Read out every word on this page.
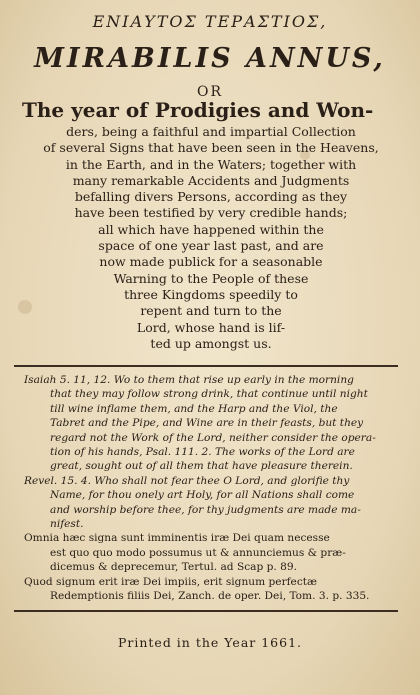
ΕΝΙΑΥΤΟΣ ΤΕΡΑΣΤΙΟΣ,
MIRABILIS ANNUS,
OR
The year of Prodigies and Won-
ders, being a faithful and impartial Collection
of several Signs that have been seen in the Heavens,
in the Earth, and in the Waters; together with
many remarkable Accidents and Judgments
befalling divers Persons, according as they
have been testified by very credible hands;
all which have happened within the
space of one year last past, and are
now made publick for a seasonable
Warning to the People of these
three Kingdoms speedily to
repent and turn to the
Lord, whose hand is lif-
ted up amongst us.
Isaiah 5. 11, 12. Wo to them that rise up early in the morning
that they may follow strong drink, that continue until night
till wine inflame them, and the Harp and the Viol, the
Tabret and the Pipe, and Wine are in their feasts, but they
regard not the Work of the Lord, neither consider the opera-
tion of his hands, Psal. 111. 2. The works of the Lord are
great, sought out of all them that have pleasure therein.
Revel. 15. 4. Who shall not fear thee O Lord, and glorifie thy
Name, for thou onely art Holy, for all Nations shall come
and worship before thee, for thy judgments are made ma-
nifest.
Omnia hæc signa sunt imminentis iræ Dei quam necesse
est quo quo modo possumus ut & annunciemus & præ-
dicemus & deprecemur, Tertul. ad Scap p. 89.
Quod signum erit iræ Dei impiis, erit signum perfectæ
Redemptionis filiis Dei, Zanch. de oper. Dei, Tom. 3. p. 335.
Printed in the Year 1661.
